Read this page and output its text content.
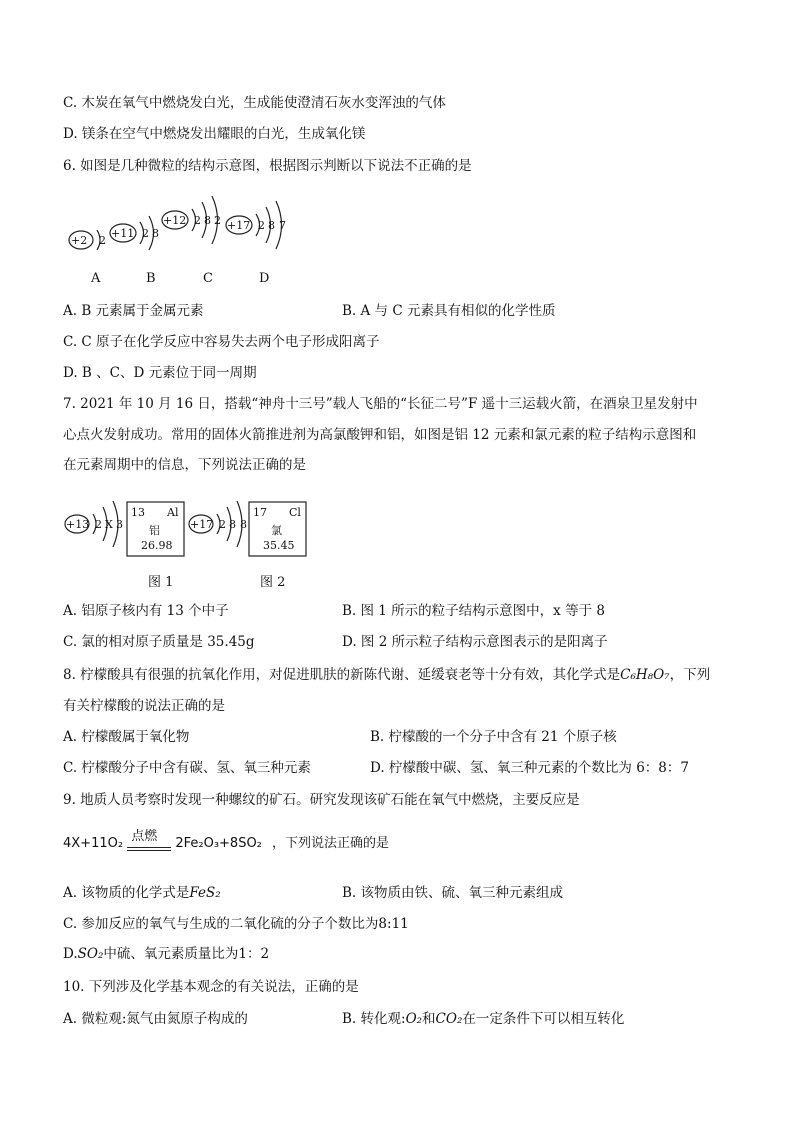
C. 木炭在氧气中燃烧发白光，生成能使澄清石灰水变浑浊的气体
D. 镁条在空气中燃烧发出耀眼的白光，生成氧化镁
6. 如图是几种微粒的结构示意图，根据图示判断以下说法不正确的是
+2 2
+11 2 8
+12 2 8 2 +17 2 8 7
A	B	C	D
A. B 元素属于金属元素	B. A 与 C 元素具有相似的化学性质
C. C 原子在化学反应中容易失去两个电子形成阳离子
D. B 、C、D 元素位于同一周期
7. 2021 年 10 月 16 日，搭载“神舟十三号”载人飞船的“长征二号”F 遥十三运载火箭，在酒泉卫星发射中
心点火发射成功。常用的固体火箭推进剂为高氯酸钾和铝，如图是铝 12 元素和氯元素的粒子结构示意图和
在元素周期中的信息，下列说法正确的是
+13 2 X 3
13 Al
铝
26.98
+17 2 8 8
17 Cl
氯
35.45
图 1	图 2
A. 铝原子核内有 13 个中子	B. 图 1 所示的粒子结构示意图中，x 等于 8
C. 氯的相对原子质量是 35.45g	D. 图 2 所示粒子结构示意图表示的是阳离子
8. 柠檬酸具有很强的抗氧化作用，对促进肌肤的新陈代谢、延缓衰老等十分有效，其化学式是C₆H₈O₇，下列
有关柠檬酸的说法正确的是
A. 柠檬酸属于氧化物	B. 柠檬酸的一个分子中含有 21 个原子核
C. 柠檬酸分子中含有碳、氢、氧三种元素	D. 柠檬酸中碳、氢、氧三种元素的个数比为 6：8：7
9. 地质人员考察时发现一种螺纹的矿石。研究发现该矿石能在氧气中燃烧，主要反应是
4X+11O₂ 点燃 2Fe₂O₃+8SO₂ ，下列说法正确的是
A. 该物质的化学式是FeS₂	B. 该物质由铁、硫、氧三种元素组成
C. 参加反应的氧气与生成的二氧化硫的分子个数比为8:11
D.SO₂中硫、氧元素质量比为1：2
10. 下列涉及化学基本观念的有关说法，正确的是
A. 微粒观:氮气由氮原子构成的	B. 转化观:O₂和CO₂在一定条件下可以相互转化
